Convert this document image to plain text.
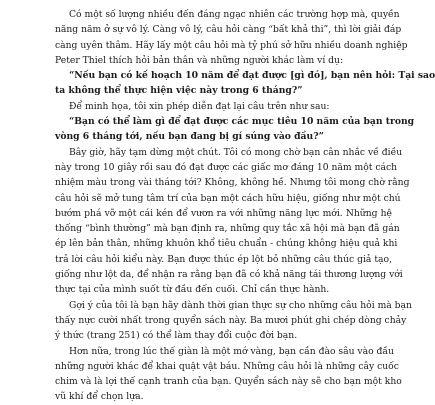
Có một số lượng nhiều đến đáng ngạc nhiên các trường hợp mà, quyền
năng năm ở sự vô lý. Càng vô lý, câu hỏi càng “bất khả thi”, thì lời giải đáp
càng uyên thâm. Hãy lấy một câu hỏi mà tỷ phú sở hữu nhiều doanh nghiệp
Peter Thiel thích hỏi bản thân và những người khác làm ví dụ:
“Nếu bạn có kế hoạch 10 năm để đạt được [gì đó], bạn nên hỏi: Tại sao
ta không thể thực hiện việc này trong 6 tháng?”
Để minh họa, tôi xin phép diễn đạt lại câu trên như sau:
“Bạn có thể làm gì để đạt được các mục tiêu 10 năm của bạn trong
vòng 6 tháng tới, nếu bạn đang bị gí súng vào đầu?”
Bây giờ, hãy tạm dừng một chút. Tôi có mong chờ bạn cân nhắc về điều
này trong 10 giây rồi sau đó đạt được các giấc mơ đáng 10 năm một cách
nhiệm màu trong vài tháng tới? Không, không hề. Nhưng tôi mong chờ rằng
câu hỏi sẽ mở tung tâm trí của bạn một cách hữu hiệu, giống như một chú
bướm phá vỡ một cái kén để vươn ra với những năng lực mới. Những hệ
thống “bình thường” mà bạn định ra, những quy tắc xã hội mà bạn đã gán
ép lên bản thân, những khuôn khổ tiêu chuẩn - chúng không hiệu quả khi
trả lời câu hỏi kiểu này. Bạn được thúc ép lột bỏ những câu thúc giả tạo,
giống như lột da, để nhận ra rằng bạn đã có khả năng tái thương lượng với
thực tại của mình suốt từ đầu đến cuối. Chỉ cần thực hành.
Gợi ý của tôi là bạn hãy dành thời gian thực sự cho những câu hỏi mà bạn
thấy nực cười nhất trong quyển sách này. Ba mươi phút ghi chép dòng chảy
ý thức (trang 251) có thể làm thay đổi cuộc đời bạn.
Hơn nữa, trong lúc thế giàn là một mớ vàng, bạn cần đào sâu vào đầu
những người khác để khai quật vật báu. Những câu hỏi là những cây cuốc
chim và là lợi thế cạnh tranh của bạn. Quyển sách này sẽ cho bạn một kho
vũ khí để chọn lựa.
